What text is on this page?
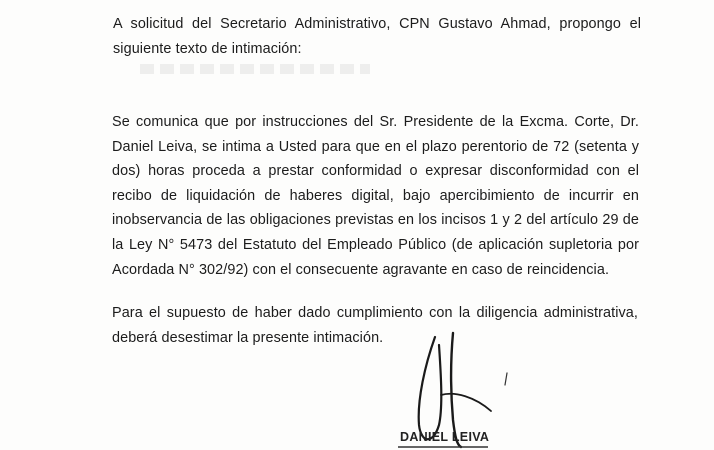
A solicitud del Secretario Administrativo, CPN Gustavo Ahmad, propongo el
siguiente texto de intimación:

Se comunica que por instrucciones del Sr. Presidente de la Excma. Corte, Dr.
Daniel Leiva, se intima a Usted para que en el plazo perentorio de 72 (setenta y
dos) horas proceda a prestar conformidad o expresar disconformidad con el
recibo de liquidación de haberes digital, bajo apercibimiento de incurrir en
inobservancia de las obligaciones previstas en los incisos 1 y 2 del artículo 29 de
la Ley N° 5473 del Estatuto del Empleado Público (de aplicación supletoria por
Acordada N° 302/92) con el consecuente agravante en caso de reincidencia.

Para el supuesto de haber dado cumplimiento con la diligencia administrativa,
deberá desestimar la presente intimación.

DANIEL LEIVA
